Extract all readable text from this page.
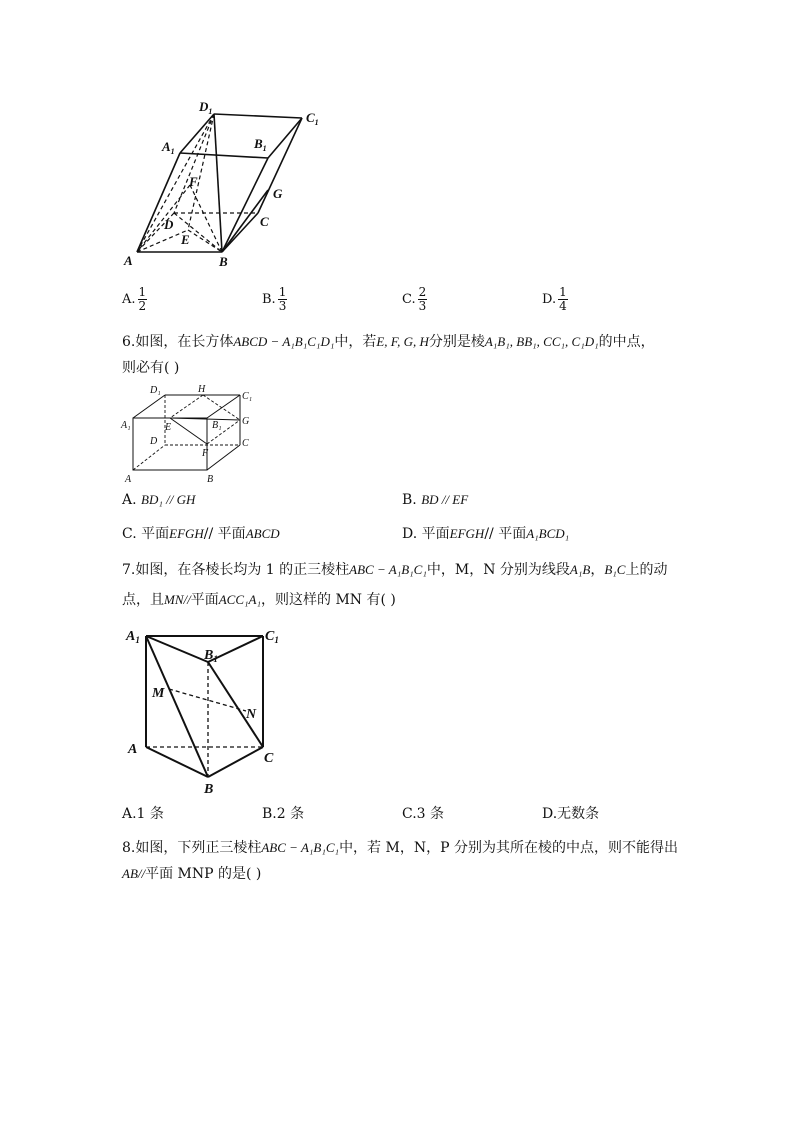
$D_1$	$C_1$
$A_1$
$B_1$
F
G
D	C
E
A	B
A. $\frac{1}{2}$	B. $\frac{1}{3}$	C. $\frac{2}{3}$	D. $\frac{1}{4}$
6.如图，在长方体ABCD − A₁B₁C₁D₁中，若E, F, G, H分别是棱A₁B₁, BB₁, CC₁, C₁D₁的中点，
则必有( )
D₁	H
C₁
A₁	E	B₁ G
D	C
F
A	B
A. BD₁ // GH	B. BD // EF
C. 平面EFGH// 平面ABCD	D. 平面EFGH// 平面A₁BCD₁
7.如图，在各棱长均为 1 的正三棱柱ABC − A₁B₁C₁中，M，N 分别为线段A₁B，B₁C上的动
点，且MN//平面ACC₁A₁，则这样的 MN 有( )
$A_1$	$C_1$
$B_1$
M
N
A
C
B
A.1 条	B.2 条	C.3 条	D.无数条
8.如图，下列正三棱柱ABC − A₁B₁C₁中，若 M，N，P 分别为其所在棱的中点，则不能得出
AB//平面 MNP 的是( )
